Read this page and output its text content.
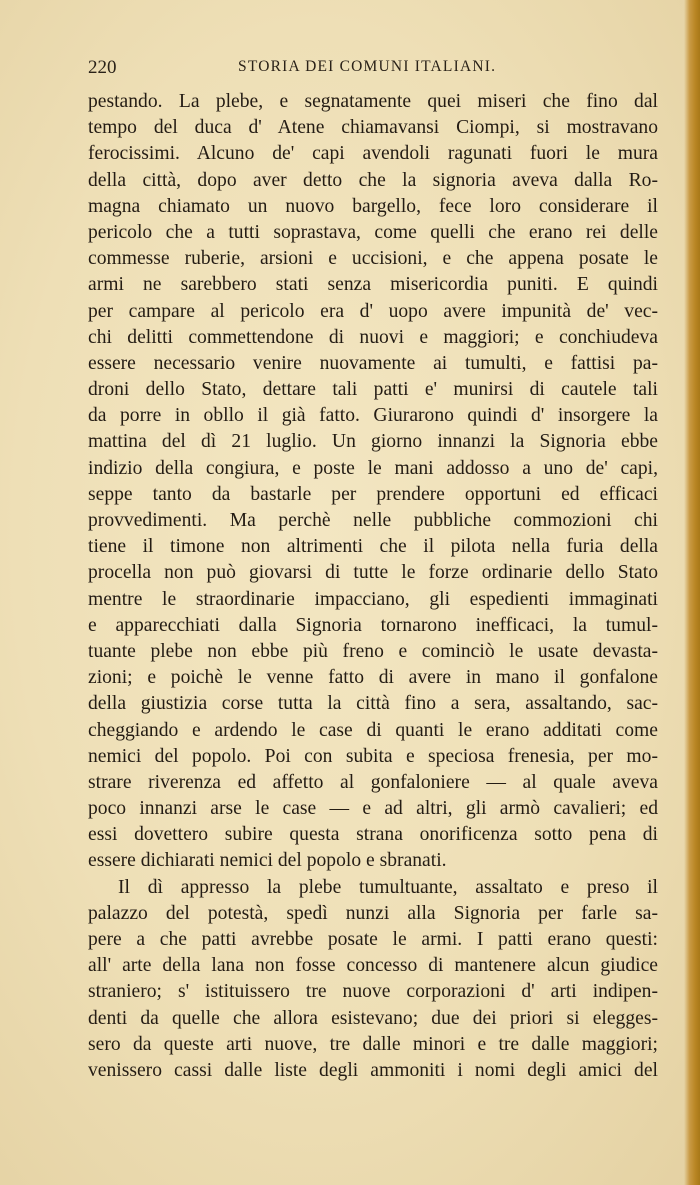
220	STORIA DEI COMUNI ITALIANI.
pestando. La plebe, e segnatamente quei miseri che fino dal
tempo del duca d' Atene chiamavansi Ciompi, si mostravano
ferocissimi. Alcuno de' capi avendoli ragunati fuori le mura
della città, dopo aver detto che la signoria aveva dalla Ro-
magna chiamato un nuovo bargello, fece loro considerare il
pericolo che a tutti soprastava, come quelli che erano rei delle
commesse ruberie, arsioni e uccisioni, e che appena posate le
armi ne sarebbero stati senza misericordia puniti. E quindi
per campare al pericolo era d' uopo avere impunità de' vec-
chi delitti commettendone di nuovi e maggiori; e conchiudeva
essere necessario venire nuovamente ai tumulti, e fattisi pa-
droni dello Stato, dettare tali patti e' munirsi di cautele tali
da porre in obllo il già fatto. Giurarono quindi d' insorgere la
mattina del dì 21 luglio. Un giorno innanzi la Signoria ebbe
indizio della congiura, e poste le mani addosso a uno de' capi,
seppe tanto da bastarle per prendere opportuni ed efficaci
provvedimenti. Ma perchè nelle pubbliche commozioni chi
tiene il timone non altrimenti che il pilota nella furia della
procella non può giovarsi di tutte le forze ordinarie dello Stato
mentre le straordinarie impacciano, gli espedienti immaginati
e apparecchiati dalla Signoria tornarono inefficaci, la tumul-
tuante plebe non ebbe più freno e cominciò le usate devasta-
zioni; e poichè le venne fatto di avere in mano il gonfalone
della giustizia corse tutta la città fino a sera, assaltando, sac-
cheggiando e ardendo le case di quanti le erano additati come
nemici del popolo. Poi con subita e speciosa frenesia, per mo-
strare riverenza ed affetto al gonfaloniere — al quale aveva
poco innanzi arse le case — e ad altri, gli armò cavalieri; ed
essi dovettero subire questa strana onorificenza sotto pena di
essere dichiarati nemici del popolo e sbranati.
Il dì appresso la plebe tumultuante, assaltato e preso il
palazzo del potestà, spedì nunzi alla Signoria per farle sa-
pere a che patti avrebbe posate le armi. I patti erano questi:
all' arte della lana non fosse concesso di mantenere alcun giudice
straniero; s' istituissero tre nuove corporazioni d' arti indipen-
denti da quelle che allora esistevano; due dei priori si elegges-
sero da queste arti nuove, tre dalle minori e tre dalle maggiori;
venissero cassi dalle liste degli ammoniti i nomi degli amici del
